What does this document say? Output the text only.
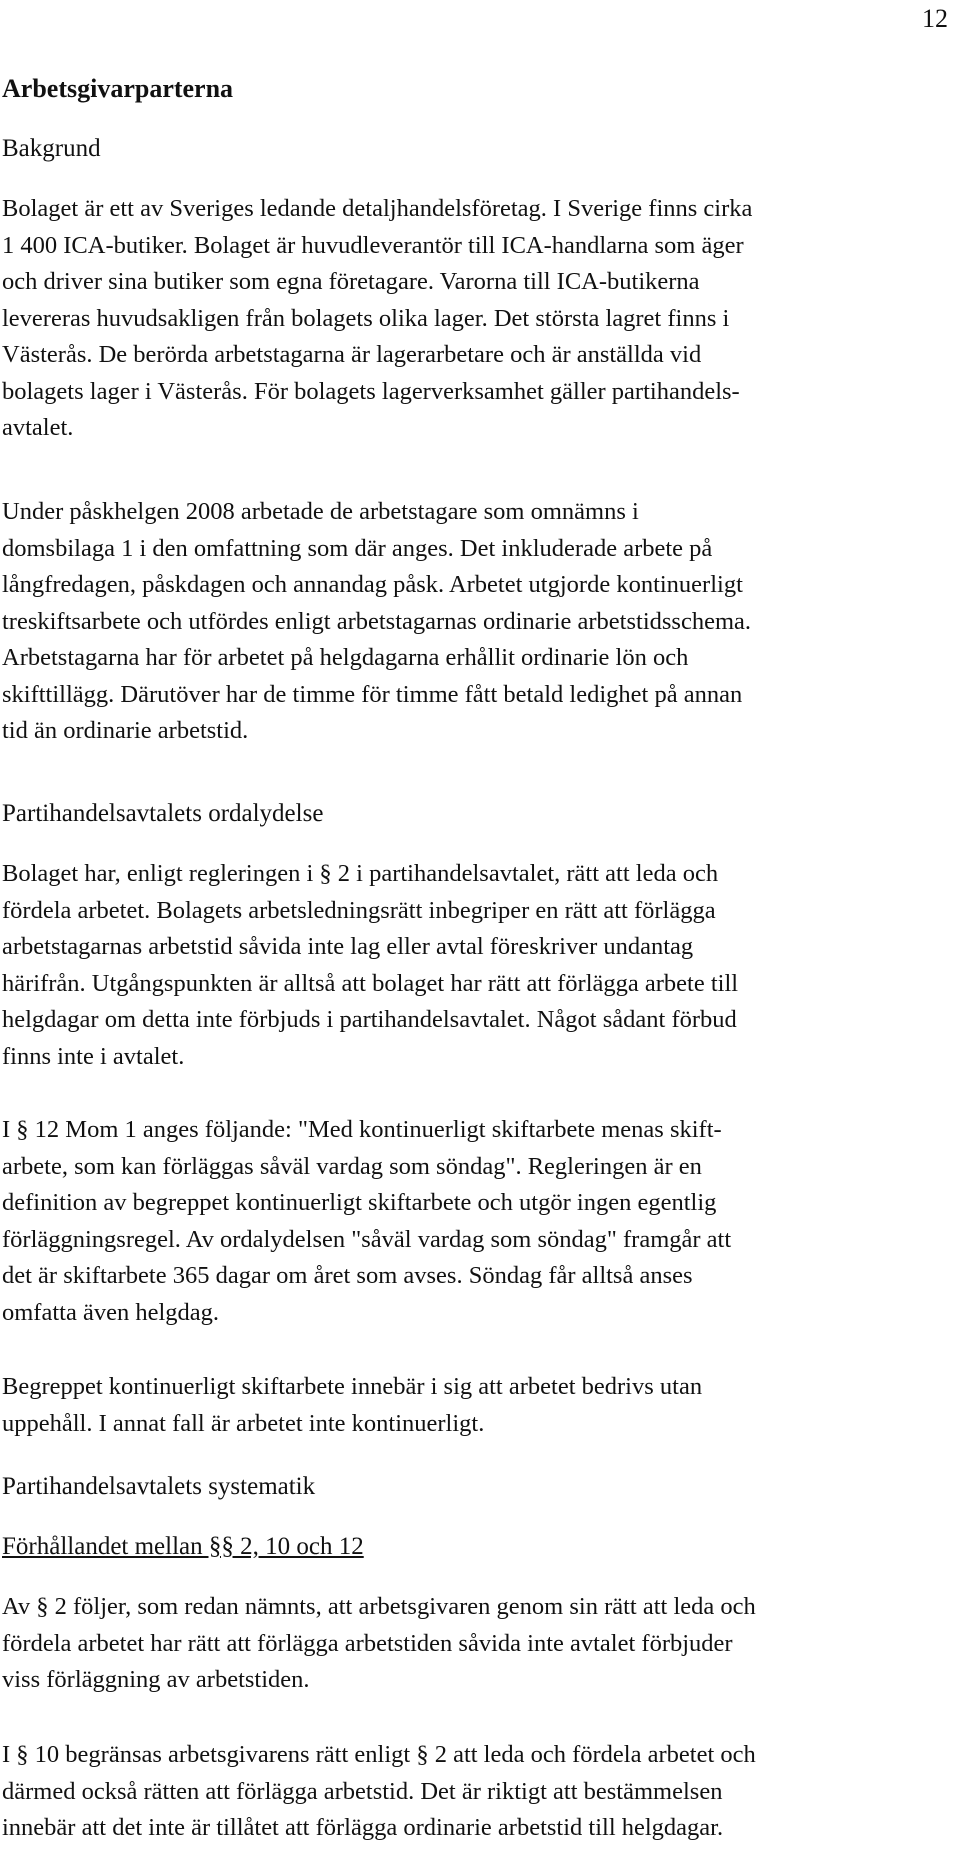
12
Arbetsgivarparterna
Bakgrund
Bolaget är ett av Sveriges ledande detaljhandelsföretag. I Sverige finns cirka
1 400 ICA-butiker. Bolaget är huvudleverantör till ICA-handlarna som äger
och driver sina butiker som egna företagare. Varorna till ICA-butikerna
levereras huvudsakligen från bolagets olika lager. Det största lagret finns i
Västerås. De berörda arbetstagarna är lagerarbetare och är anställda vid
bolagets lager i Västerås. För bolagets lagerverksamhet gäller partihandels-
avtalet.
Under påskhelgen 2008 arbetade de arbetstagare som omnämns i
domsbilaga 1 i den omfattning som där anges. Det inkluderade arbete på
långfredagen, påskdagen och annandag påsk. Arbetet utgjorde kontinuerligt
treskiftsarbete och utfördes enligt arbetstagarnas ordinarie arbetstidsschema.
Arbetstagarna har för arbetet på helgdagarna erhållit ordinarie lön och
skifttillägg. Därutöver har de timme för timme fått betald ledighet på annan
tid än ordinarie arbetstid.
Partihandelsavtalets ordalydelse
Bolaget har, enligt regleringen i § 2 i partihandelsavtalet, rätt att leda och
fördela arbetet. Bolagets arbetsledningsrätt inbegriper en rätt att förlägga
arbetstagarnas arbetstid såvida inte lag eller avtal föreskriver undantag
härifrån. Utgångspunkten är alltså att bolaget har rätt att förlägga arbete till
helgdagar om detta inte förbjuds i partihandelsavtalet. Något sådant förbud
finns inte i avtalet.
I § 12 Mom 1 anges följande: "Med kontinuerligt skiftarbete menas skift-
arbete, som kan förläggas såväl vardag som söndag". Regleringen är en
definition av begreppet kontinuerligt skiftarbete och utgör ingen egentlig
förläggningsregel. Av ordalydelsen "såväl vardag som söndag" framgår att
det är skiftarbete 365 dagar om året som avses. Söndag får alltså anses
omfatta även helgdag.
Begreppet kontinuerligt skiftarbete innebär i sig att arbetet bedrivs utan
uppehåll. I annat fall är arbetet inte kontinuerligt.
Partihandelsavtalets systematik
Förhållandet mellan §§ 2, 10 och 12
Av § 2 följer, som redan nämnts, att arbetsgivaren genom sin rätt att leda och
fördela arbetet har rätt att förlägga arbetstiden såvida inte avtalet förbjuder
viss förläggning av arbetstiden.
I § 10 begränsas arbetsgivarens rätt enligt § 2 att leda och fördela arbetet och
därmed också rätten att förlägga arbetstid. Det är riktigt att bestämmelsen
innebär att det inte är tillåtet att förlägga ordinarie arbetstid till helgdagar.
